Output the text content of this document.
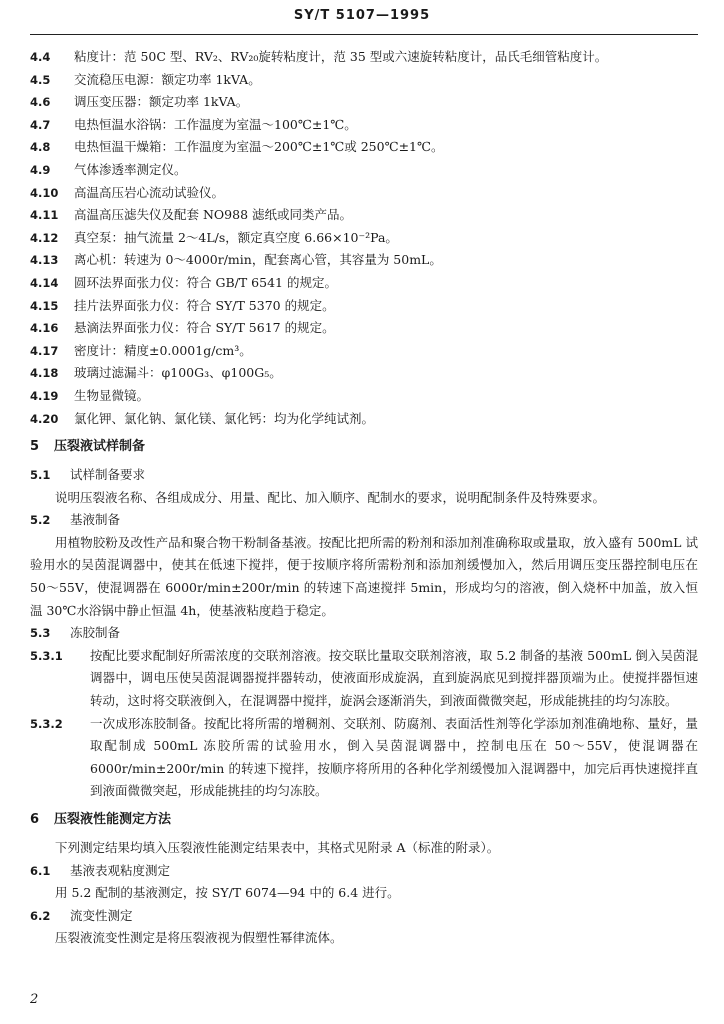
SY/T 5107—1995
4.4	粘度计：范 50C 型、RV₂、RV₂₀旋转粘度计，范 35 型或六速旋转粘度计，品氏毛细管粘度计。
4.5	交流稳压电源：额定功率 1kVA。
4.6	调压变压器：额定功率 1kVA。
4.7	电热恒温水浴锅：工作温度为室温～100℃±1℃。
4.8	电热恒温干燥箱：工作温度为室温～200℃±1℃或 250℃±1℃。
4.9	气体渗透率测定仪。
4.10	高温高压岩心流动试验仪。
4.11	高温高压滤失仪及配套 NO988 滤纸或同类产品。
4.12	真空泵：抽气流量 2～4L/s，额定真空度 6.66×10⁻²Pa。
4.13	离心机：转速为 0～4000r/min，配套离心管，其容量为 50mL。
4.14	圆环法界面张力仪：符合 GB/T 6541 的规定。
4.15	挂片法界面张力仪：符合 SY/T 5370 的规定。
4.16	悬滴法界面张力仪：符合 SY/T 5617 的规定。
4.17	密度计：精度±0.0001g/cm³。
4.18	玻璃过滤漏斗：φ100G₃、φ100G₅。
4.19	生物显微镜。
4.20	氯化钾、氯化钠、氯化镁、氯化钙：均为化学纯试剂。
5	压裂液试样制备
5.1	试样制备要求
说明压裂液名称、各组成成分、用量、配比、加入顺序、配制水的要求，说明配制条件及特殊要求。
5.2	基液制备
用植物胶粉及改性产品和聚合物干粉制备基液。按配比把所需的粉剂和添加剂准确称取或量取，放入盛有 500mL 试验用水的吴茵混调器中，使其在低速下搅拌，便于按顺序将所需粉剂和添加剂缓慢加入，然后用调压变压器控制电压在 50～55V，使混调器在 6000r/min±200r/min 的转速下高速搅拌 5min，形成均匀的溶液，倒入烧杯中加盖，放入恒温 30℃水浴锅中静止恒温 4h，使基液粘度趋于稳定。
5.3	冻胶制备
5.3.1	按配比要求配制好所需浓度的交联剂溶液。按交联比量取交联剂溶液，取 5.2 制备的基液 500mL 倒入吴茵混调器中，调电压使吴茵混调器搅拌器转动，使液面形成旋涡，直到旋涡底见到搅拌器顶端为止。使搅拌器恒速转动，这时将交联液倒入，在混调器中搅拌，旋涡会逐渐消失，到液面微微突起，形成能挑挂的均匀冻胶。
5.3.2	一次成形冻胶制备。按配比将所需的增稠剂、交联剂、防腐剂、表面活性剂等化学添加剂准确地称、量好，量取配制成 500mL 冻胶所需的试验用水，倒入吴茵混调器中，控制电压在 50～55V，使混调器在 6000r/min±200r/min 的转速下搅拌，按顺序将所用的各种化学剂缓慢加入混调器中，加完后再快速搅拌直到液面微微突起，形成能挑挂的均匀冻胶。
6	压裂液性能测定方法
下列测定结果均填入压裂液性能测定结果表中，其格式见附录 A（标准的附录）。
6.1	基液表观粘度测定
用 5.2 配制的基液测定，按 SY/T 6074—94 中的 6.4 进行。
6.2	流变性测定
压裂液流变性测定是将压裂液视为假塑性幂律流体。
2
